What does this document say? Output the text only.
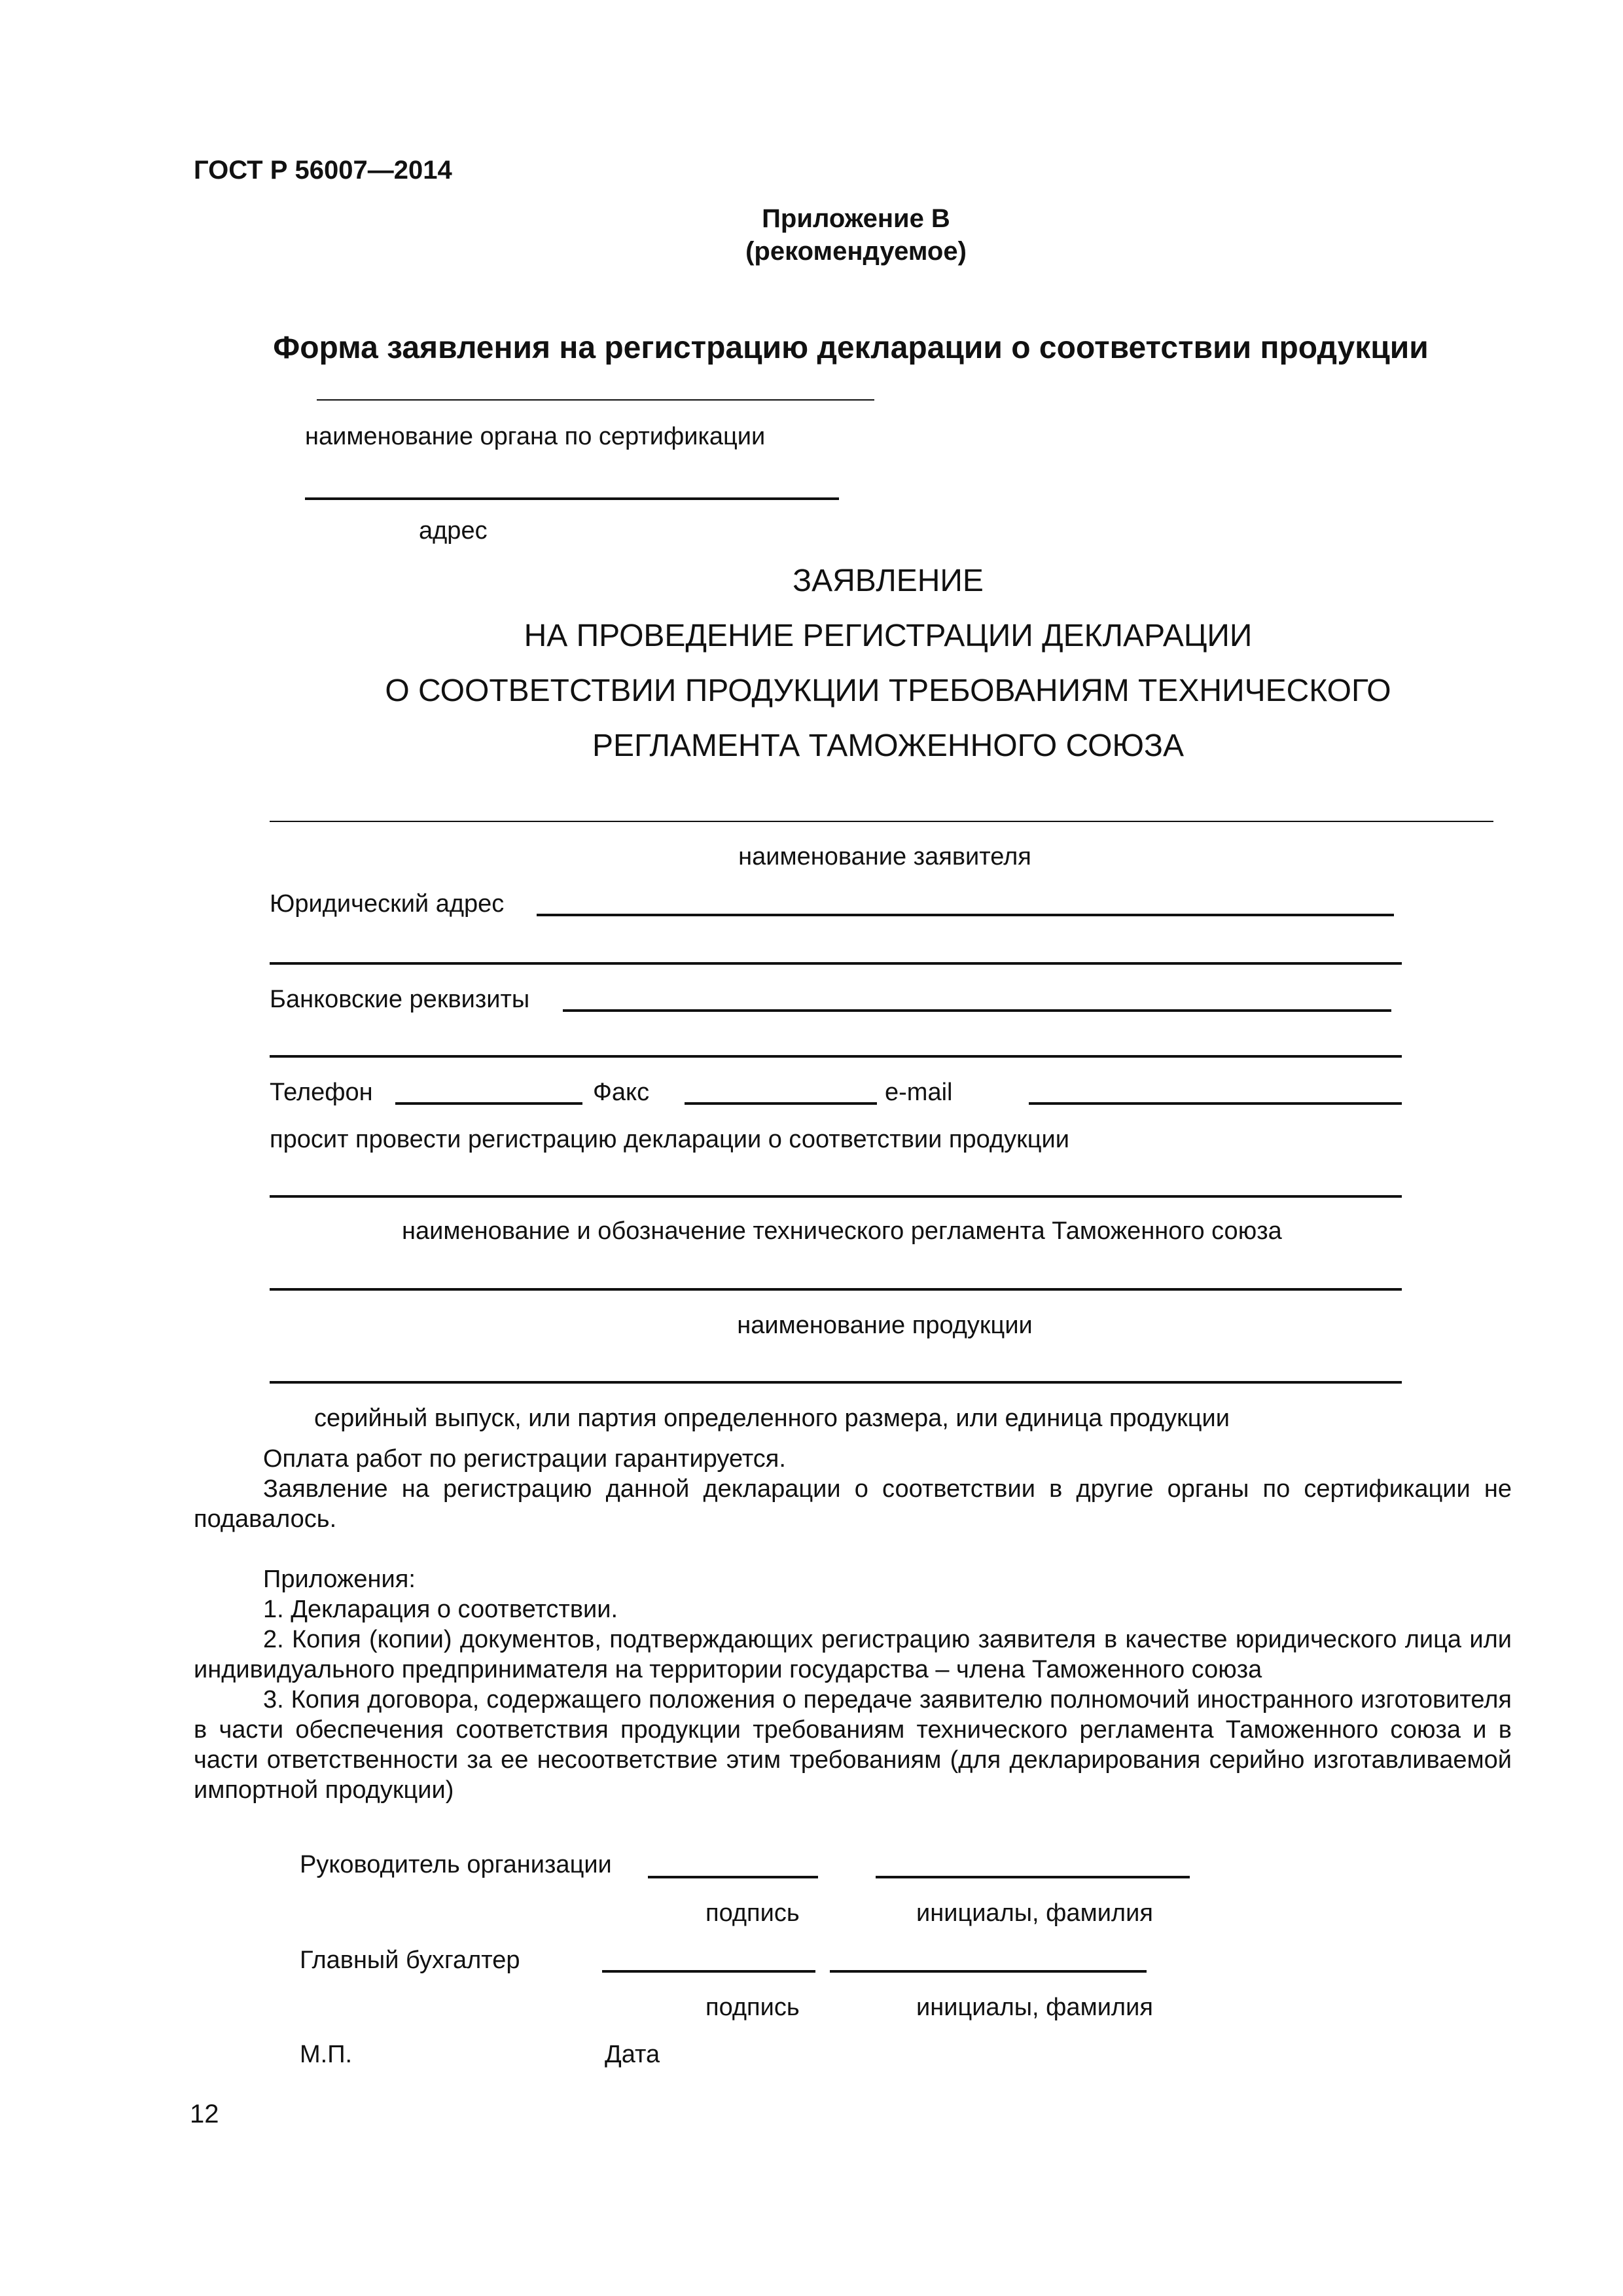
ГОСТ Р 56007—2014
Приложение В
(рекомендуемое)
Форма заявления на регистрацию декларации о соответствии продукции
наименование органа по сертификации
адрес
ЗАЯВЛЕНИЕ
НА ПРОВЕДЕНИЕ РЕГИСТРАЦИИ ДЕКЛАРАЦИИ
О СООТВЕТСТВИИ ПРОДУКЦИИ ТРЕБОВАНИЯМ ТЕХНИЧЕСКОГО
РЕГЛАМЕНТА ТАМОЖЕННОГО СОЮЗА
наименование заявителя
Юридический адрес
Банковские реквизиты
Телефон	Факс	e-mail
просит провести регистрацию декларации о соответствии продукции
наименование и обозначение технического регламента Таможенного союза
наименование продукции
серийный выпуск, или партия определенного размера, или единица продукции

Оплата работ по регистрации гарантируется.

Заявление на регистрацию данной декларации о соответствии в другие органы по сертификации не подавалось.

Приложения:

1. Декларация о соответствии.

2. Копия (копии) документов, подтверждающих регистрацию заявителя в качестве юридического лица или индивидуального предпринимателя на территории государства – члена Таможенного союза

3. Копия договора, содержащего положения о передаче заявителю полномочий иностранного изготовителя в части обеспечения соответствия продукции требованиям технического регламента Таможенного союза и в части ответственности за ее несоответствие этим требованиям (для декларирования серийно изготавливаемой импортной продукции)

Руководитель организации
подпись	инициалы, фамилия
Главный бухгалтер
подпись	инициалы, фамилия
М.П.	Дата
12
